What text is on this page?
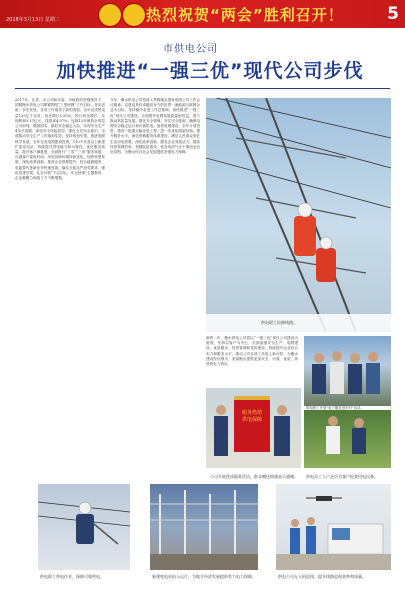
2018年3月13日 星期二	热烈祝贺“两会”胜利召开！	5
市供电公司
加快推进“一强三优”现代公司步伐
2017年，在省、市公司和市委、市政府的坚强领导下，国网衡水供电公司紧紧围绕“三型两网”工作目标，务实创新，争先发展，各项工作取得了新的进展。全年完成售电量135亿千瓦时，同比增长5.53%，预计同比增长，实现利润3.17亿元，线损率4.97%，连续12年保持全省县公司前列。强基固本，搞好安全稳定大局，实现安全生产4年长周期，深化安全风险管控，强化全员安全意识，全面推动安全生产工作落到实处。坚持规划引领，推进电网科学发展，全年完成电网建设投资，110千伏及以上新建扩建变电站，持续提升供电能力和可靠性。优化服务质量，提升客户满意度，全面推行“三零”“三省”服务举措，压减客户接电时间，用电营商环境持续优化。加快转型发展，深化改革创新，推进企业管理提升，综合能源服务、电能替代等新业务快速发展。落实全面从严治党要求，强化党建引领，扎实开展“不忘初心、牢记使命”主题教育，企业凝聚力和战斗力不断增强。
今年，衡水供电公司将深入贯彻落实国家电网公司工作会议精神，以建设具有卓越竞争力的世界一流能源互联网企业为目标，坚持稳中求进工作总基调，加快推进“一强三优”现代公司建设，全面提升电网发展质量和效益，着力推动高质量发展。强化安全管理，夯实安全基础，确保电网安全稳定运行和可靠供电。加快电网建设，全年计划投资，建设一批重点输变电工程，进一步优化网架结构。提升服务水平，深化营销服务体系建设，满足人民群众美好生活用电需要。深化改革创新，激发企业发展活力，提高经营管理效率。加强队伍建设，营造风清气正干事创业良好氛围，为衡水经济社会发展提供坚强电力保障。
供电职工检修线路。
新的一年，衡水供电公司将以“一强三优”现代公司建设为统领，坚持以客户为中心，全面加强安全生产、电网建设、优质服务、经营管理和党的建设，持续提升企业综合实力和服务水平，推动公司各项工作再上新台阶，为衡水建设经济强市、美丽衡水提供更加安全、可靠、优质、高效的电力供应。
服务热情 供电保障
公司开展优质服务活动，群众赠送锦旗表示感谢。	供电员工入户走访为客户检查用电设备。
供电职工带电作业，保障可靠供电。	新建变电站投入运行，为地方经济发展提供有力电力保障。	供电公司无人机巡线，提升线路巡视效率和质量。
供电职工开展“电力服务进乡村”活动。
